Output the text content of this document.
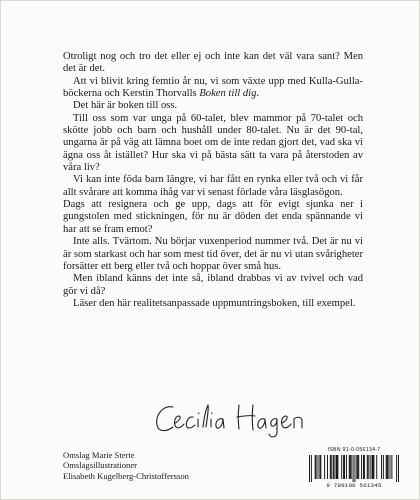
Otroligt nog och tro det eller ej och inte kan det väl vara sant? Men det är det.

Att vi blivit kring femtio år nu, vi som växte upp med Kulla-Gulla-böckerna och Kerstin Thorvalls Boken till dig.

Det här är boken till oss.

Till oss som var unga på 60-talet, blev mammor på 70-talet och skötte jobb och barn och hushåll under 80-talet. Nu är det 90-tal, ungarna är på väg att lämna boet om de inte redan gjort det, vad ska vi ägna oss åt istället? Hur ska vi på bästa sätt ta vara på återstoden av våra liv?

Vi kan inte föda barn längre, vi har fått en rynka eller två och vi får allt svårare att komma ihåg var vi senast förlade våra läsglasögon.

Dags att resignera och ge upp, dags att för evigt sjunka ner i gungstolen med stickningen, för nu är döden det enda spännande vi har att se fram emot?

Inte alls. Tvärtom. Nu börjar vuxenperiod nummer två. Det är nu vi är som starkast och har som mest tid över, det är nu vi utan svårigheter forsätter ett berg eller två och hoppar över små hus.

Men ibland känns det inte så, ibland drabbas vi av tvivel och vad gör vi då?

Läser den här realitetsanpassade uppmuntringsboken, till exempel.

Omslag Marie Sterte
Omslagsillustrationer
Elisabeth Kugelberg-Christoffersson
ISBN 91-0-056134-7
9 789100 561345
